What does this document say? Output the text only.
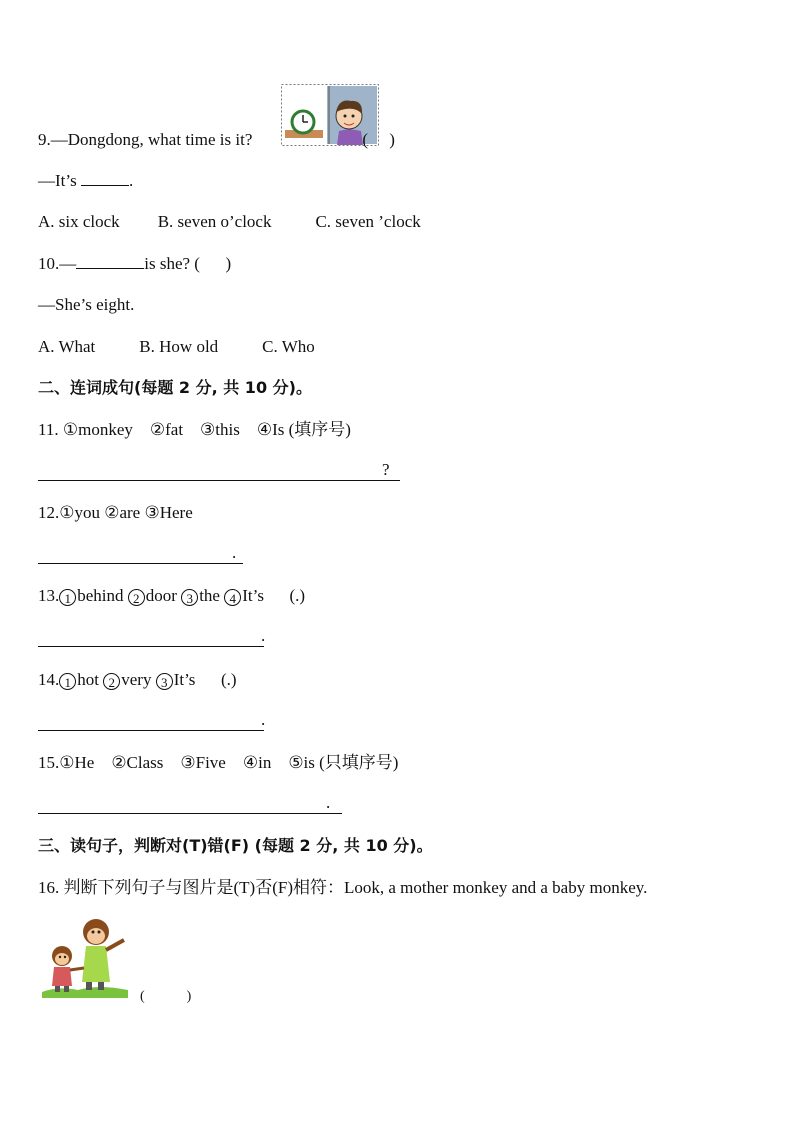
9.—Dongdong, what time is it?	(     )
—It’s	.
A. six clock B. seven o’clock	C. seven ’clock
10.—	is she? (      )
—She’s eight.
A. What	B. How old	C. Who
二、连词成句(每题 2 分, 共 10 分)。
11. ①monkey    ②fat    ③this    ④Is (填序号)
?
12.①you ②are ③Here
.
13. 1 behind 2 door 3 the 4 It’s (.)
.
14. 1 hot 2 very 3 It’s (.)
.
15.①He    ②Class    ③Five    ④in    ⑤is (只填序号)
.
三、读句子，判断对(T)错(F) (每题 2 分, 共 10 分)。
16. 判断下列句子与图片是(T)否(F)相符：Look, a mother monkey and a baby monkey.
(            )
